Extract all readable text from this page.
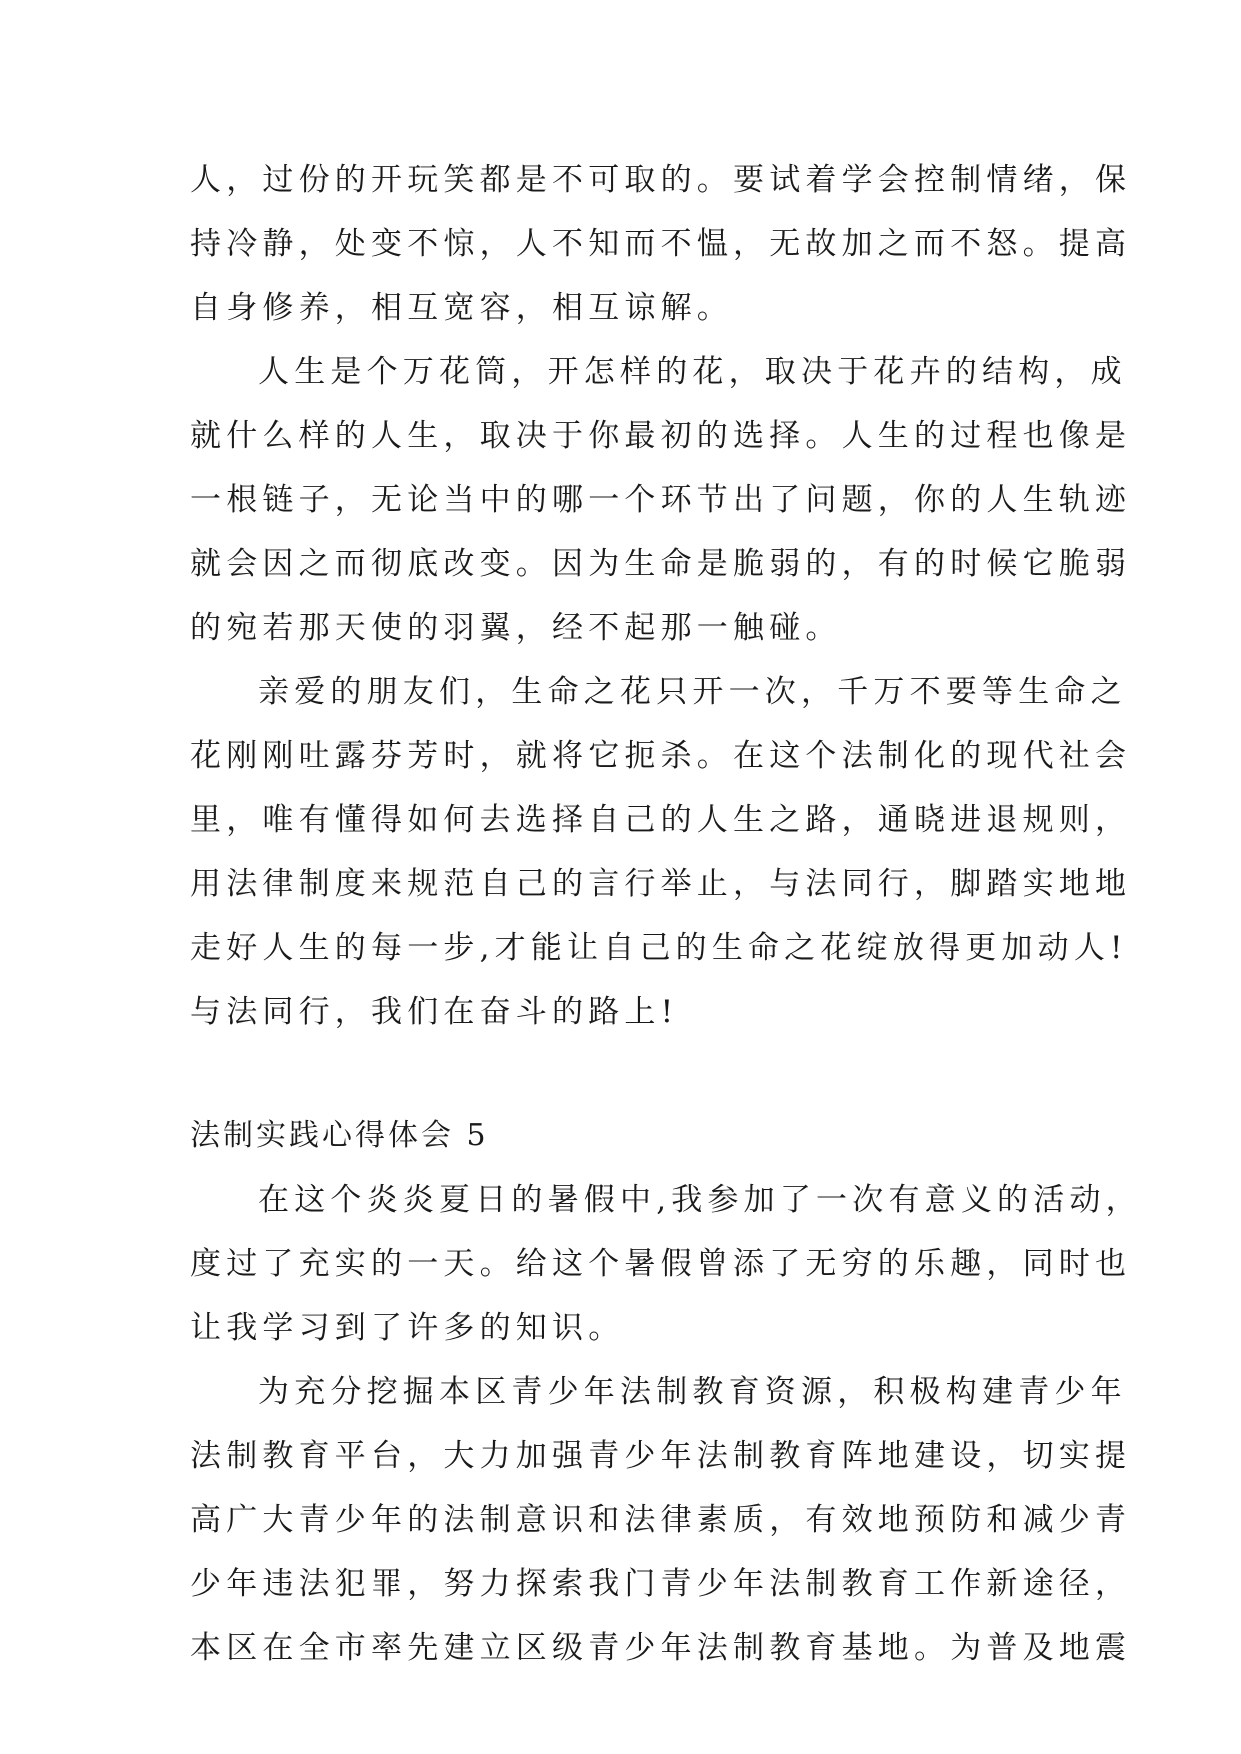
人，过份的开玩笑都是不可取的。要试着学会控制情绪，保

持冷静，处变不惊，人不知而不愠，无故加之而不怒。提高

自身修养，相互宽容，相互谅解。

人生是个万花筒，开怎样的花，取决于花卉的结构，成

就什么样的人生，取决于你最初的选择。人生的过程也像是

一根链子，无论当中的哪一个环节出了问题，你的人生轨迹

就会因之而彻底改变。因为生命是脆弱的，有的时候它脆弱

的宛若那天使的羽翼，经不起那一触碰。

亲爱的朋友们，生命之花只开一次，千万不要等生命之

花刚刚吐露芬芳时，就将它扼杀。在这个法制化的现代社会

里，唯有懂得如何去选择自己的人生之路，通晓进退规则，

用法律制度来规范自己的言行举止，与法同行，脚踏实地地

走好人生的每一步,才能让自己的生命之花绽放得更加动人!

与法同行，我们在奋斗的路上!

法制实践心得体会 5

在这个炎炎夏日的暑假中,我参加了一次有意义的活动，

度过了充实的一天。给这个暑假曾添了无穷的乐趣，同时也

让我学习到了许多的知识。

为充分挖掘本区青少年法制教育资源，积极构建青少年

法制教育平台，大力加强青少年法制教育阵地建设，切实提

高广大青少年的法制意识和法律素质，有效地预防和减少青

少年违法犯罪，努力探索我门青少年法制教育工作新途径，

本区在全市率先建立区级青少年法制教育基地。为普及地震
